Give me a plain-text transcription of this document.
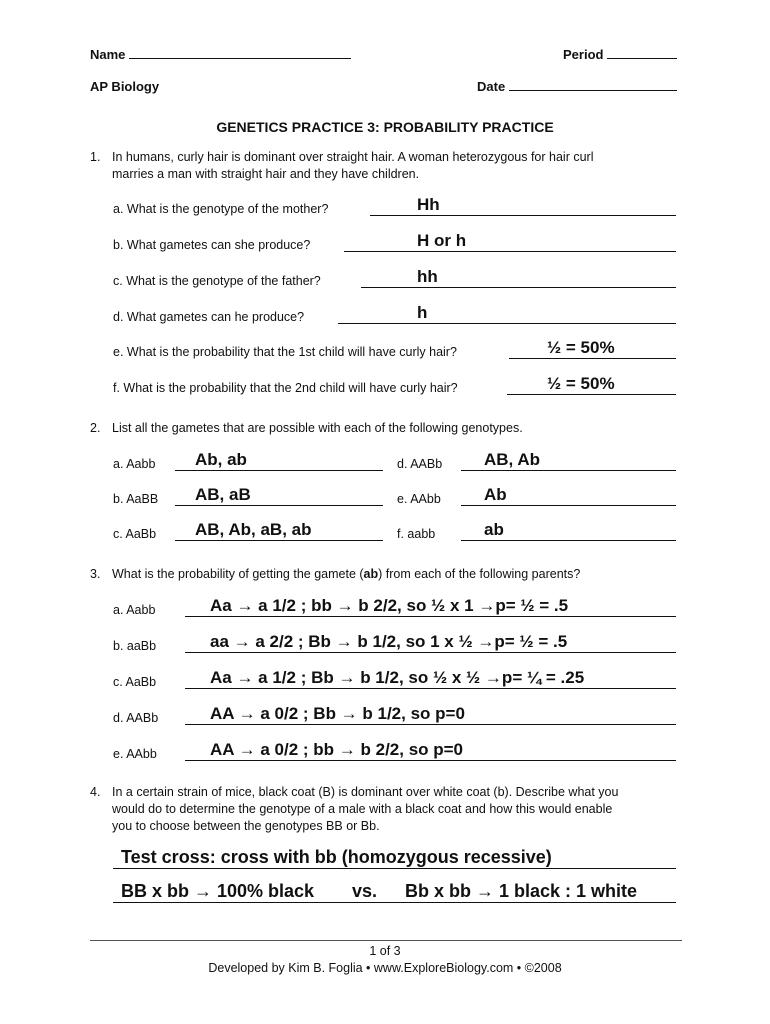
Name	Period
AP Biology	Date
GENETICS PRACTICE 3: PROBABILITY PRACTICE
1. In humans, curly hair is dominant over straight hair. A woman heterozygous for hair curl
marries a man with straight hair and they have children.
a. What is the genotype of the mother?	Hh
b. What gametes can she produce?	H or h
c. What is the genotype of the father?	hh
d. What gametes can he produce?	h
e. What is the probability that the 1st child will have curly hair?	½ = 50%
f. What is the probability that the 2nd child will have curly hair?	½ = 50%
2. List all the gametes that are possible with each of the following genotypes.
a. Aabb Ab, ab
b. AaBB AB, aB
c. AaBb AB, Ab, aB, ab
d. AABb AB, Ab
e. AAbb	Ab
f. aabb	ab
3. What is the probability of getting the gamete (ab) from each of the following parents?
a. Aabb	Aa → a 1/2 ; bb → b 2/2, so ½ x 1 →p= ½ = .5
b. aaBb	aa → a 2/2 ; Bb → b 1/2, so 1 x ½ →p= ½ = .5
c. AaBb	Aa → a 1/2 ; Bb → b 1/2, so ½ x ½ →p= ¼ = .25
d. AABb	AA → a 0/2 ; Bb → b 1/2, so p=0
e. AAbb	AA → a 0/2 ; bb → b 2/2, so p=0
4. In a certain strain of mice, black coat (B) is dominant over white coat (b). Describe what you
would do to determine the genotype of a male with a black coat and how this would enable
you to choose between the genotypes BB or Bb.
Test cross: cross with bb (homozygous recessive)
BB x bb → 100% black vs. Bb x bb → 1 black : 1 white
1 of 3
Developed by Kim B. Foglia • www.ExploreBiology.com • ©2008
